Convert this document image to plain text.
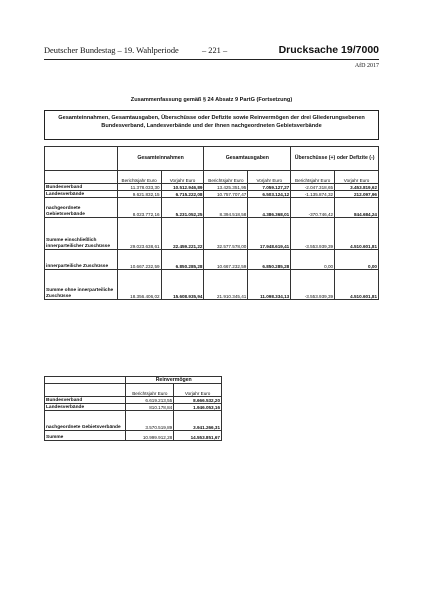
Deutscher Bundestag – 19. Wahlperiode	– 221 –	Drucksache 19/7000
AfD 2017
Zusammenfassung gemäß § 24 Absatz 9 PartG (Fortsetzung)
Gesamteinnahmen, Gesamtausgaben, Überschüsse oder Defizite sowie Reinvermögen der drei Gliederungsebenen Bundesverband, Landesverbände und der ihnen nachgeordneten Gebietsverbände
	Gesamteinnahmen		Gesamtausgaben		Überschüsse (+) oder Defizite (-)	
	Berichtsjahr Euro	Vorjahr Euro	Berichtsjahr Euro	Vorjahr Euro	Berichtsjahr Euro	Vorjahr Euro
Bundesverband	11.378.033,30	10.512.946,89	13.425.351,95	7.059.127,27	-2.047.318,65	3.453.819,62
Landesverbände	9.621.832,15	6.715.222,08	10.757.707,47	6.503.124,12	-1.135.874,32	212.097,96
nachgeordnete Gebietsverbände	8.023.772,16	5.231.052,25	8.394.518,58	4.386.368,01	-370.746,42	844.684,24
Summe einschließlich innerparteilicher Zuschüsse	29.023.638,61	22.459.221,22	32.577.578,00	17.948.619,41	-3.553.939,39	4.510.601,81
innerparteiliche Zuschüsse	10.667.232,59	6.850.285,28	10.667.232,59	6.850.285,28	0,00	0,00
Summe ohne innerparteiliche Zuschüsse	18.356.406,02	15.608.935,94	21.910.345,41	11.098.334,13	-3.553.939,39	4.510.601,81
	Reinvermögen	
	Berichtsjahr Euro	Vorjahr Euro
Bundesverband	6.619.213,55	8.666.532,20
Landesverbände	810.178,84	1.946.053,16
nachgeordnete Gebietsverbände	3.570.519,89	3.941.266,31
Summe	10.999.912,28	14.553.851,67
